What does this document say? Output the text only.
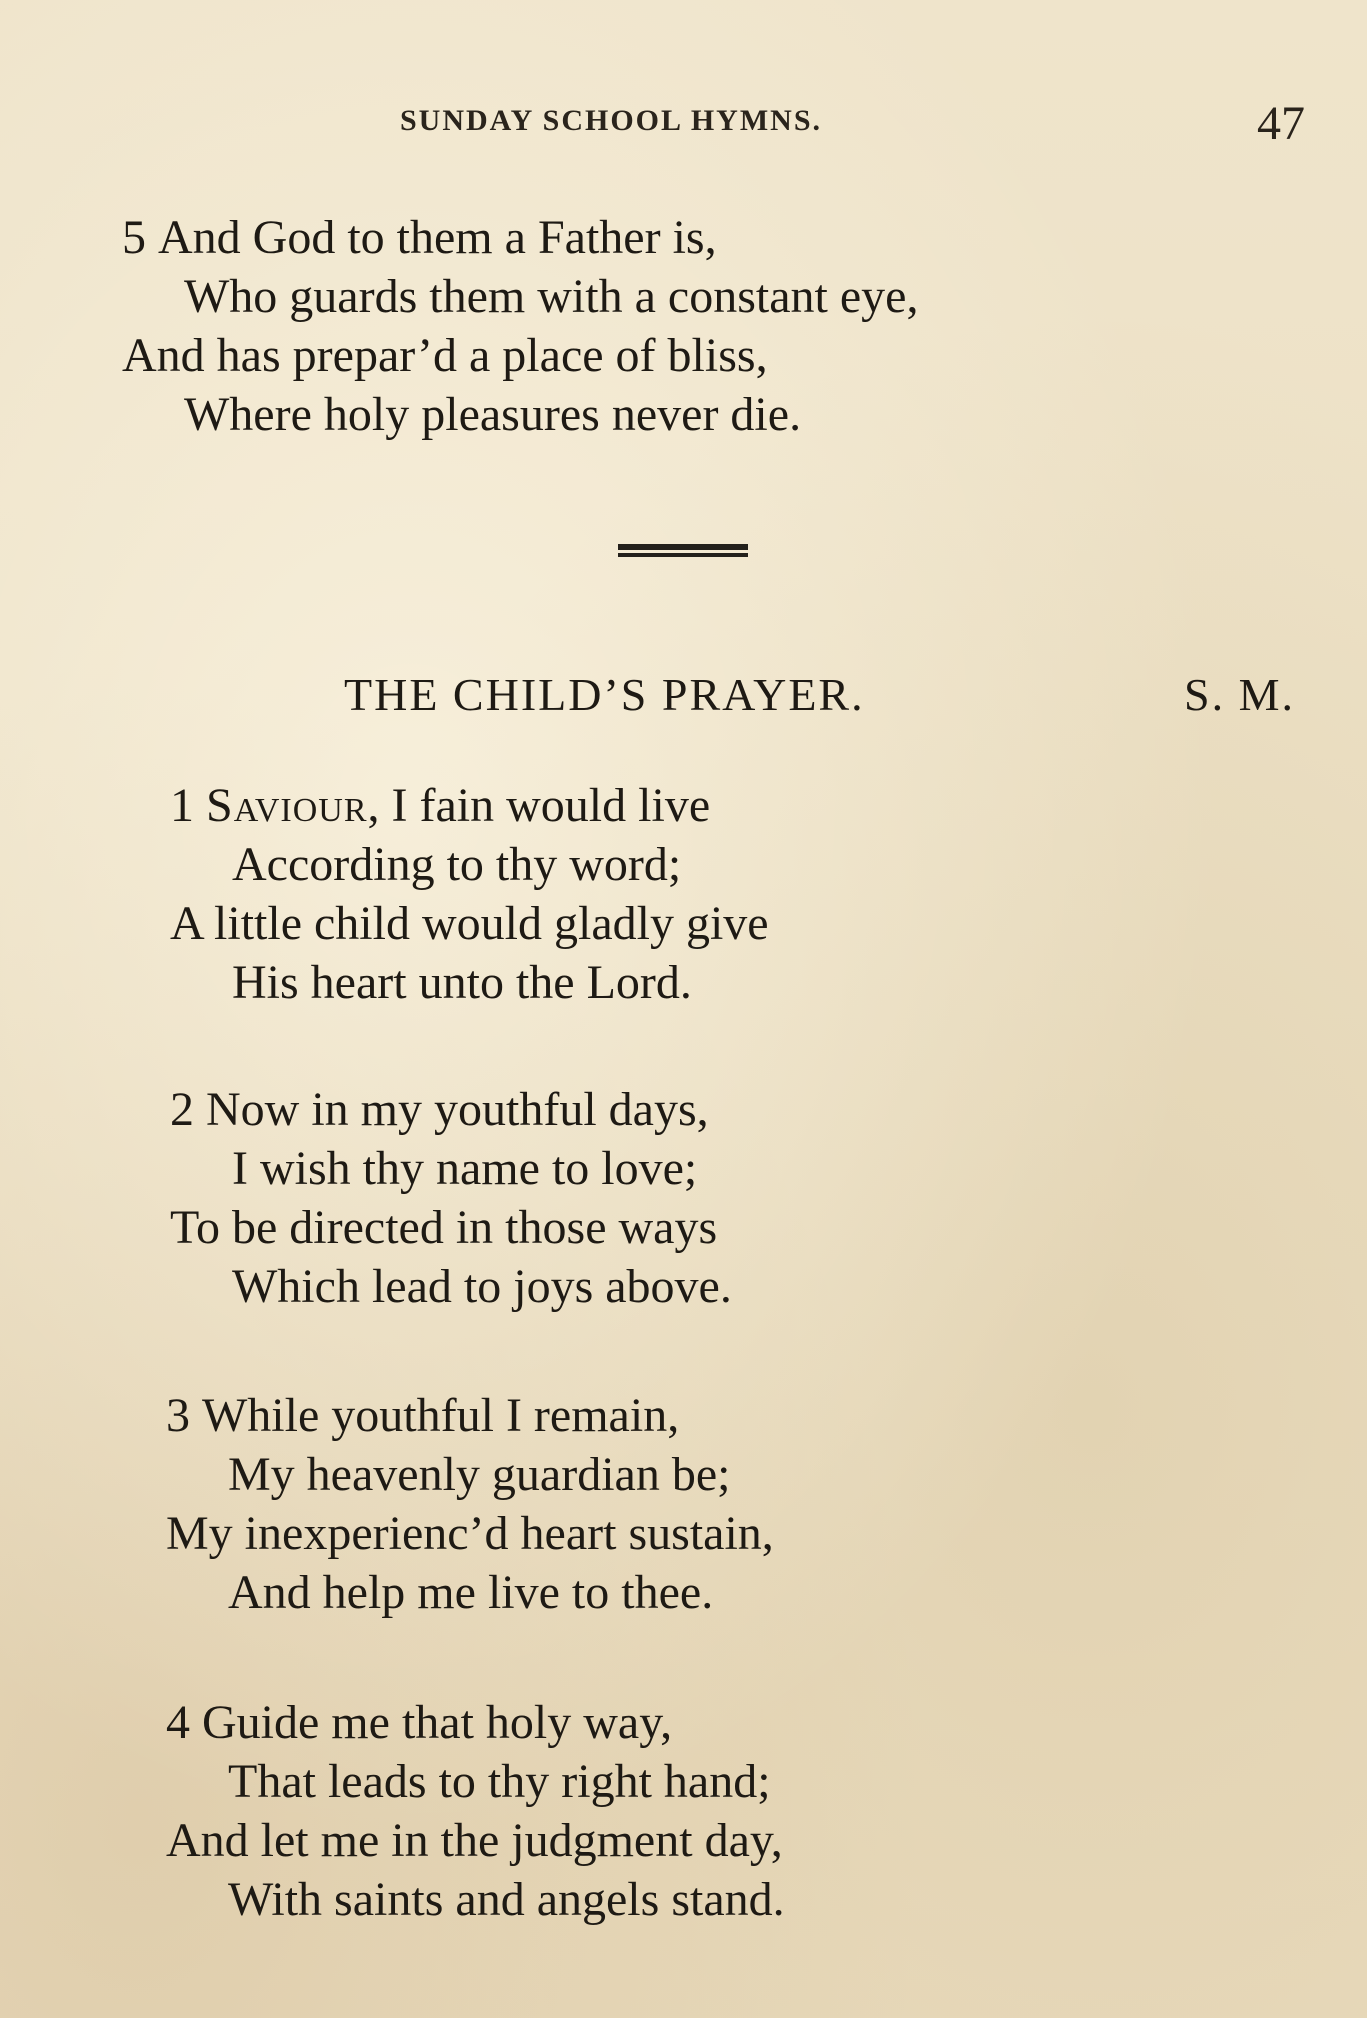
SUNDAY SCHOOL HYMNS.	47
5 And God to them a Father is,
Who guards them with a constant eye,
And has prepar’d a place of bliss,
Where holy pleasures never die.
THE CHILD’S PRAYER.	S. M.
1 Saviour, I fain would live
According to thy word;
A little child would gladly give
His heart unto the Lord.
2 Now in my youthful days,
I wish thy name to love;
To be directed in those ways
Which lead to joys above.
3 While youthful I remain,
My heavenly guardian be;
My inexperienc’d heart sustain,
And help me live to thee.
4 Guide me that holy way,
That leads to thy right hand;
And let me in the judgment day,
With saints and angels stand.
